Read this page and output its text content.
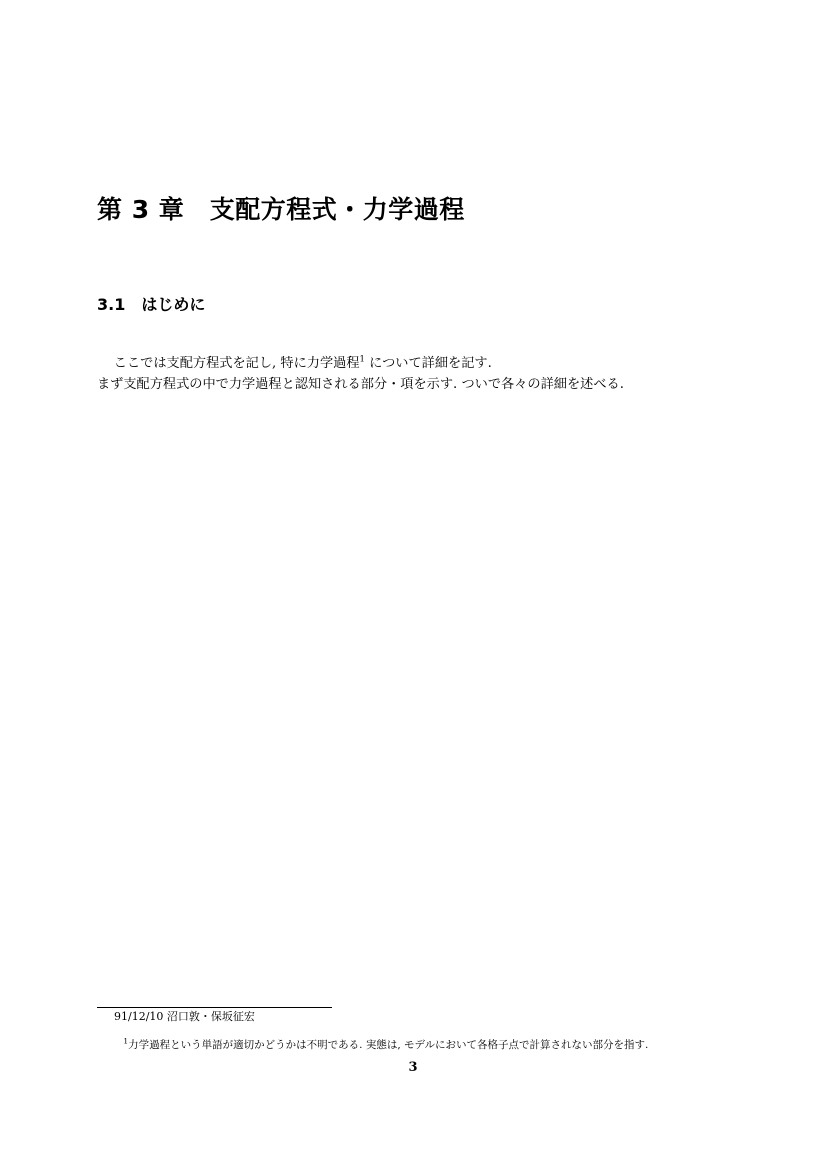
第 3 章　支配方程式・力学過程
3.1　はじめに

ここでは支配方程式を記し, 特に力学過程$^1$ について詳細を記す.

まず支配方程式の中で力学過程と認知される部分・項を示す. ついで各々の詳細を述べる.
91/12/10 沼口敦・保坂征宏

$^1$力学過程という単語が適切かどうかは不明である. 実態は, モデルにおいて各格子点で計算されない部分を指す.

3
